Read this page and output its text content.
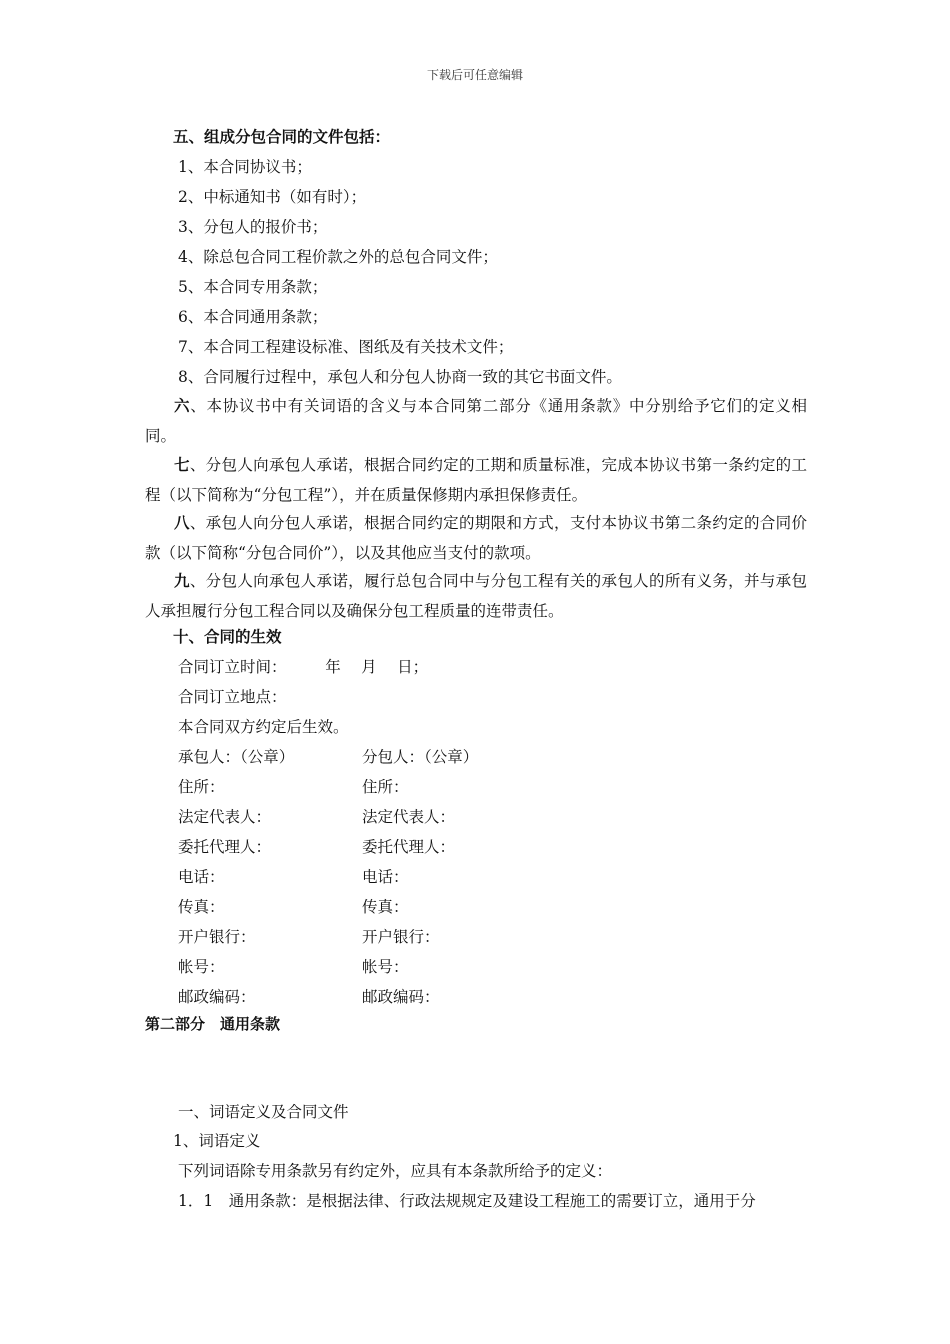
下载后可任意编辑
五、组成分包合同的文件包括：
1、本合同协议书；
2、中标通知书（如有时）；
3、分包人的报价书；
4、除总包合同工程价款之外的总包合同文件；
5、本合同专用条款；
6、本合同通用条款；
7、本合同工程建设标准、图纸及有关技术文件；
8、合同履行过程中，承包人和分包人协商一致的其它书面文件。
六、本协议书中有关词语的含义与本合同第二部分《通用条款》中分别给予它们的定义相同。
七、分包人向承包人承诺，根据合同约定的工期和质量标准，完成本协议书第一条约定的工程（以下简称为“分包工程”），并在质量保修期内承担保修责任。
八、承包人向分包人承诺，根据合同约定的期限和方式，支付本协议书第二条约定的合同价款（以下简称“分包合同价”），以及其他应当支付的款项。
九、分包人向承包人承诺，履行总包合同中与分包工程有关的承包人的所有义务，并与承包人承担履行分包工程合同以及确保分包工程质量的连带责任。
十、合同的生效
合同订立时间：　　　年　 月　 日；
合同订立地点：
本合同双方约定后生效。
承包人：（公章）	分包人：（公章）
住所：	住所：
法定代表人：	法定代表人：
委托代理人：	委托代理人：
电话：	电话：
传真：	传真：
开户银行：	开户银行：
帐号：	帐号：
邮政编码：	邮政编码：
第二部分　通用条款
一、词语定义及合同文件
1、词语定义
下列词语除专用条款另有约定外，应具有本条款所给予的定义：
1．1　通用条款：是根据法律、行政法规规定及建设工程施工的需要订立，通用于分
